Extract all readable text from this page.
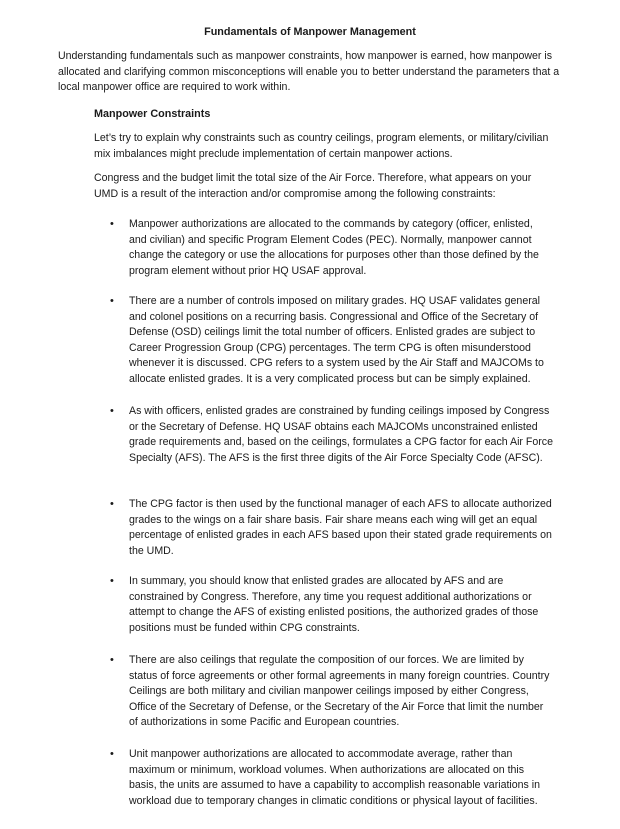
Fundamentals of Manpower Management

Understanding fundamentals such as manpower constraints, how manpower is earned, how manpower is allocated and clarifying common misconceptions will enable you to better understand the parameters that a local manpower office are required to work within.

Manpower Constraints

Let’s try to explain why constraints such as country ceilings, program elements, or military/civilian mix imbalances might preclude implementation of certain manpower actions.

Congress and the budget limit the total size of the Air Force. Therefore, what appears on your UMD is a result of the interaction and/or compromise among the following constraints:

• Manpower authorizations are allocated to the commands by category (officer, enlisted, and civilian) and specific Program Element Codes (PEC). Normally, manpower cannot change the category or use the allocations for purposes other than those defined by the program element without prior HQ USAF approval.

• There are a number of controls imposed on military grades. HQ USAF validates general and colonel positions on a recurring basis. Congressional and Office of the Secretary of Defense (OSD) ceilings limit the total number of officers. Enlisted grades are subject to Career Progression Group (CPG) percentages. The term CPG is often misunderstood whenever it is discussed. CPG refers to a system used by the Air Staff and MAJCOMs to allocate enlisted grades. It is a very complicated process but can be simply explained.

• As with officers, enlisted grades are constrained by funding ceilings imposed by Congress or the Secretary of Defense. HQ USAF obtains each MAJCOMs unconstrained enlisted grade requirements and, based on the ceilings, formulates a CPG factor for each Air Force Specialty (AFS). The AFS is the first three digits of the Air Force Specialty Code (AFSC).

• The CPG factor is then used by the functional manager of each AFS to allocate authorized grades to the wings on a fair share basis. Fair share means each wing will get an equal percentage of enlisted grades in each AFS based upon their stated grade requirements on the UMD.

• In summary, you should know that enlisted grades are allocated by AFS and are constrained by Congress. Therefore, any time you request additional authorizations or attempt to change the AFS of existing enlisted positions, the authorized grades of those positions must be funded within CPG constraints.

• There are also ceilings that regulate the composition of our forces. We are limited by status of force agreements or other formal agreements in many foreign countries. Country Ceilings are both military and civilian manpower ceilings imposed by either Congress, Office of the Secretary of Defense, or the Secretary of the Air Force that limit the number of authorizations in some Pacific and European countries.

• Unit manpower authorizations are allocated to accommodate average, rather than maximum or minimum, workload volumes. When authorizations are allocated on this basis, the units are assumed to have a capability to accomplish reasonable variations in workload due to temporary changes in climatic conditions or physical layout of facilities.
